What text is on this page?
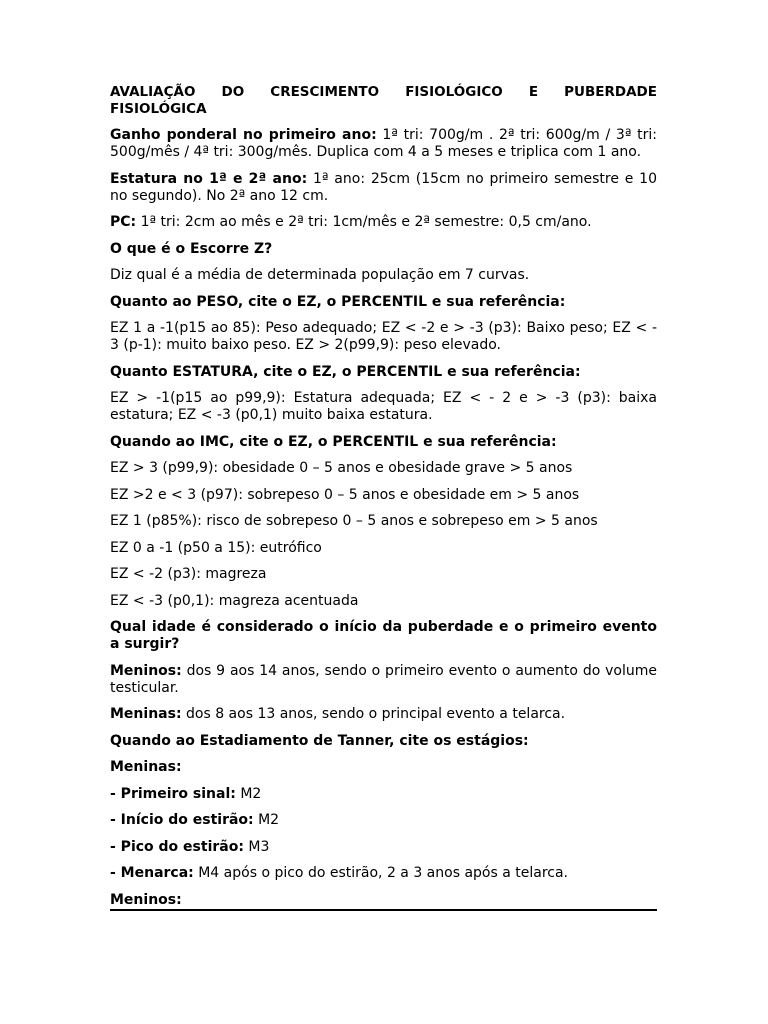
AVALIAÇÃO DO CRESCIMENTO FISIOLÓGICO E PUBERDADE
FISIOLÓGICA

Ganho ponderal no primeiro ano: 1ª tri: 700g/m . 2ª tri: 600g/m / 3ª tri: 500g/mês / 4ª tri: 300g/mês. Duplica com 4 a 5 meses e triplica com 1 ano.

Estatura no 1ª e 2ª ano: 1ª ano: 25cm (15cm no primeiro semestre e 10 no segundo). No 2ª ano 12 cm.

PC: 1ª tri: 2cm ao mês e 2ª tri: 1cm/mês e 2ª semestre: 0,5 cm/ano.

O que é o Escorre Z?

Diz qual é a média de determinada população em 7 curvas.

Quanto ao PESO, cite o EZ, o PERCENTIL e sua referência:

EZ 1 a -1(p15 ao 85): Peso adequado; EZ < -2 e > -3 (p3): Baixo peso; EZ < - 3 (p-1): muito baixo peso. EZ > 2(p99,9): peso elevado.

Quanto ESTATURA, cite o EZ, o PERCENTIL e sua referência:

EZ > -1(p15 ao p99,9): Estatura adequada; EZ < - 2 e > -3 (p3): baixa estatura; EZ < -3 (p0,1) muito baixa estatura.

Quando ao IMC, cite o EZ, o PERCENTIL e sua referência:

EZ > 3 (p99,9): obesidade 0 – 5 anos e obesidade grave > 5 anos

EZ >2 e < 3 (p97): sobrepeso 0 – 5 anos e obesidade em > 5 anos

EZ 1 (p85%): risco de sobrepeso 0 – 5 anos e sobrepeso em > 5 anos

EZ 0 a -1 (p50 a 15): eutrófico

EZ < -2 (p3): magreza

EZ < -3 (p0,1): magreza acentuada

Qual idade é considerado o início da puberdade e o primeiro evento a surgir?

Meninos: dos 9 aos 14 anos, sendo o primeiro evento o aumento do volume testicular.

Meninas: dos 8 aos 13 anos, sendo o principal evento a telarca.

Quando ao Estadiamento de Tanner, cite os estágios:

Meninas:

- Primeiro sinal: M2

- Início do estirão: M2

- Pico do estirão: M3

- Menarca: M4 após o pico do estirão, 2 a 3 anos após a telarca.

Meninos:
